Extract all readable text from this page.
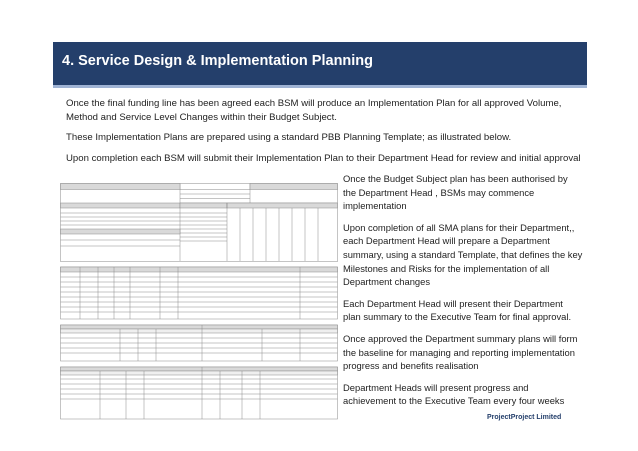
4. Service Design & Implementation Planning
Once the final funding line has been agreed each BSM will produce an Implementation Plan for all approved Volume, Method and Service Level Changes within their Budget Subject.
These Implementation Plans are prepared using a standard PBB Planning Template; as illustrated below.
Upon completion each BSM will submit their Implementation Plan to their Department Head for review and initial approval

Once the Budget Subject plan has been authorised by the Department Head , BSMs may commence implementation

Upon completion of all SMA plans for their Department,, each Department Head will prepare a Department summary, using a standard Template, that defines the key Milestones and Risks for the implementation of all Department changes

Each Department Head will present their Department plan summary to the Executive Team for final approval.

Once approved the Department summary plans will form the baseline for managing and reporting implementation progress and benefits realisation

Department Heads will present progress and achievement to the Executive Team every four weeks

ProjectProject Limited
